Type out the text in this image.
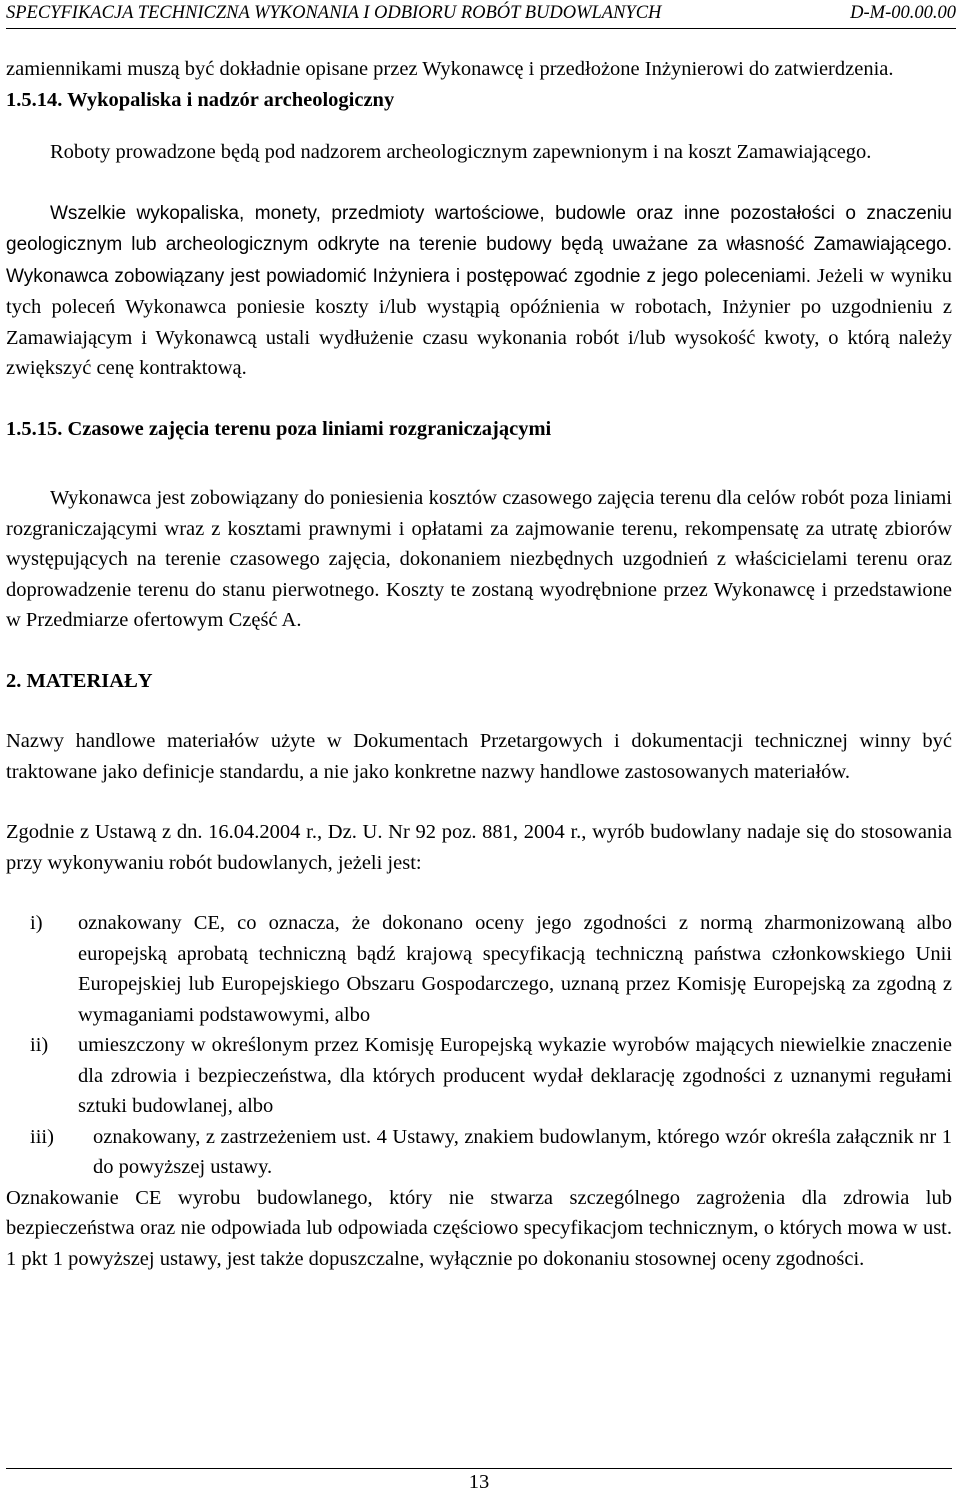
SPECYFIKACJA TECHNICZNA WYKONANIA I ODBIORU ROBÓT BUDOWLANYCH	D-M-00.00.00

zamiennikami muszą być dokładnie opisane przez Wykonawcę i przedłożone Inżynierowi do zatwierdzenia.

1.5.14. Wykopaliska i nadzór archeologiczny

Roboty prowadzone będą pod nadzorem archeologicznym zapewnionym i na koszt Zamawiającego.

Wszelkie wykopaliska, monety, przedmioty wartościowe, budowle oraz inne pozostałości o znaczeniu geologicznym lub archeologicznym odkryte na terenie budowy będą uważane za własność Zamawiającego. Wykonawca zobowiązany jest powiadomić Inżyniera i postępować zgodnie z jego poleceniami. Jeżeli w wyniku tych poleceń Wykonawca poniesie koszty i/lub wystąpią opóźnienia w robotach, Inżynier po uzgodnieniu z Zamawiającym i Wykonawcą ustali wydłużenie czasu wykonania robót i/lub wysokość kwoty, o którą należy zwiększyć cenę kontraktową.

1.5.15. Czasowe zajęcia terenu poza liniami rozgraniczającymi

Wykonawca jest zobowiązany do poniesienia kosztów czasowego zajęcia terenu dla celów robót poza liniami rozgraniczającymi wraz z kosztami prawnymi i opłatami za zajmowanie terenu, rekompensatę za utratę zbiorów występujących na terenie czasowego zajęcia, dokonaniem niezbędnych uzgodnień z właścicielami terenu oraz doprowadzenie terenu do stanu pierwotnego. Koszty te zostaną wyodrębnione przez Wykonawcę i przedstawione w Przedmiarze ofertowym Część A.

2. MATERIAŁY

Nazwy handlowe materiałów użyte w Dokumentach Przetargowych i dokumentacji technicznej winny być traktowane jako definicje standardu, a nie jako konkretne nazwy handlowe zastosowanych materiałów.

Zgodnie z Ustawą z dn. 16.04.2004 r., Dz. U. Nr 92 poz. 881, 2004 r., wyrób budowlany nadaje się do stosowania przy wykonywaniu robót budowlanych, jeżeli jest:

i) oznakowany CE, co oznacza, że dokonano oceny jego zgodności z normą zharmonizowaną albo europejską aprobatą techniczną bądź krajową specyfikacją techniczną państwa członkowskiego Unii Europejskiej lub Europejskiego Obszaru Gospodarczego, uznaną przez Komisję Europejską za zgodną z wymaganiami podstawowymi, albo
ii) umieszczony w określonym przez Komisję Europejską wykazie wyrobów mających niewielkie znaczenie dla zdrowia i bezpieczeństwa, dla których producent wydał deklarację zgodności z uznanymi regułami sztuki budowlanej, albo
iii) oznakowany, z zastrzeżeniem ust. 4 Ustawy, znakiem budowlanym, którego wzór określa załącznik nr 1 do powyższej ustawy.

Oznakowanie CE wyrobu budowlanego, który nie stwarza szczególnego zagrożenia dla zdrowia lub bezpieczeństwa oraz nie odpowiada lub odpowiada częściowo specyfikacjom technicznym, o których mowa w ust. 1 pkt 1 powyższej ustawy, jest także dopuszczalne, wyłącznie po dokonaniu stosownej oceny zgodności.

13
